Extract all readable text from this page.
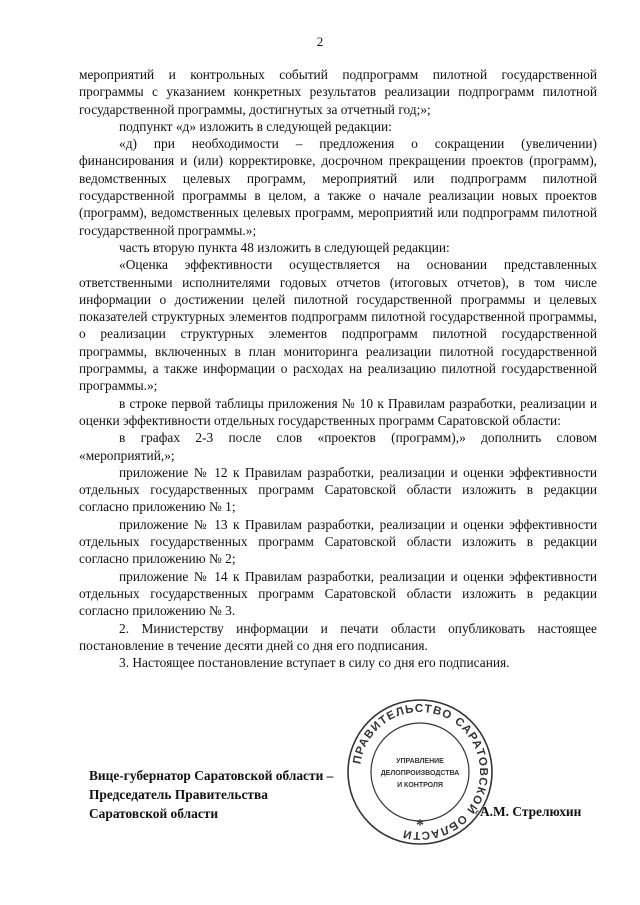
2

мероприятий и контрольных событий подпрограмм пилотной государственной программы с указанием конкретных результатов реализации подпрограмм пилотной государственной программы, достигнутых за отчетный год;»;

подпункт «д» изложить в следующей редакции:

«д) при необходимости – предложения о сокращении (увеличении) финансирования и (или) корректировке, досрочном прекращении проектов (программ), ведомственных целевых программ, мероприятий или подпрограмм пилотной государственной программы в целом, а также о начале реализации новых проектов (программ), ведомственных целевых программ, мероприятий или подпрограмм пилотной государственной программы.»;

часть вторую пункта 48 изложить в следующей редакции:

«Оценка эффективности осуществляется на основании представленных ответственными исполнителями годовых отчетов (итоговых отчетов), в том числе информации о достижении целей пилотной государственной программы и целевых показателей структурных элементов подпрограмм пилотной государственной программы, о реализации структурных элементов подпрограмм пилотной государственной программы, включенных в план мониторинга реализации пилотной государственной программы, а также информации о расходах на реализацию пилотной государственной программы.»;

в строке первой таблицы приложения № 10 к Правилам разработки, реализации и оценки эффективности отдельных государственных программ Саратовской области:

в графах 2-3 после слов «проектов (программ),» дополнить словом «мероприятий,»;

приложение № 12 к Правилам разработки, реализации и оценки эффективности отдельных государственных программ Саратовской области изложить в редакции согласно приложению № 1;

приложение № 13 к Правилам разработки, реализации и оценки эффективности отдельных государственных программ Саратовской области изложить в редакции согласно приложению № 2;

приложение № 14 к Правилам разработки, реализации и оценки эффективности отдельных государственных программ Саратовской области изложить в редакции согласно приложению № 3.

2. Министерству информации и печати области опубликовать настоящее постановление в течение десяти дней со дня его подписания.

3. Настоящее постановление вступает в силу со дня его подписания.

Вице-губернатор Саратовской области –
Председатель Правительства
Саратовской области	А.М. Стрелюхин
ПРАВИТЕЛЬСТВО САРАТОВСКОЙ ОБЛАСТИ *
УПРАВЛЕНИЕ
ДЕЛОПРОИЗВОДСТВА
И КОНТРОЛЯ
